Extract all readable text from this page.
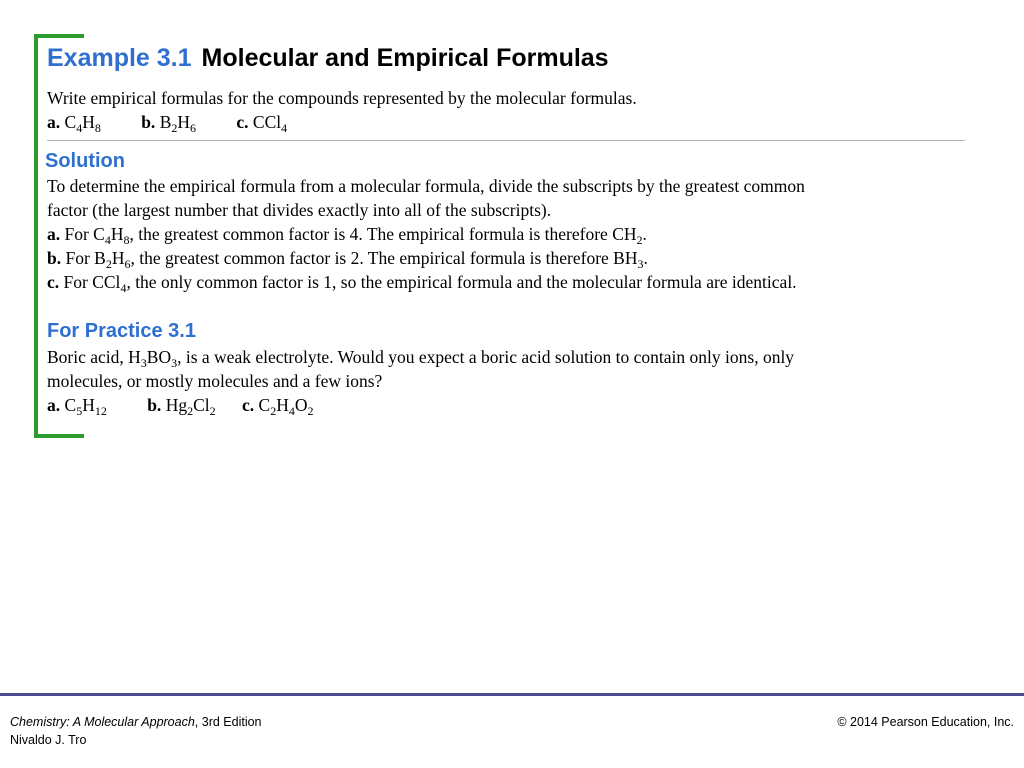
Example 3.1 Molecular and Empirical Formulas
Write empirical formulas for the compounds represented by the molecular formulas.
a. $C_4H_8$ b. $B_2H_6$ c. CCl$_4$
Solution
To determine the empirical formula from a molecular formula, divide the subscripts by the greatest common
factor (the largest number that divides exactly into all of the subscripts).
a. For $C_4H_8$, the greatest common factor is 4. The empirical formula is therefore $CH_2$.
b. For $B_2H_6$, the greatest common factor is 2. The empirical formula is therefore $BH_3$.
c. For CCl$_4$, the only common factor is 1, so the empirical formula and the molecular formula are identical.
For Practice 3.1
Boric acid, $H_3BO_3$, is a weak electrolyte. Would you expect a boric acid solution to contain only ions, only
molecules, or mostly molecules and a few ions?
a. $C_5H_{12}$ b. $Hg_2Cl_2$ c. $C_2H_4O_2$
Chemistry: A Molecular Approach, 3rd Edition
Nivaldo J. Tro
© 2014 Pearson Education, Inc.
